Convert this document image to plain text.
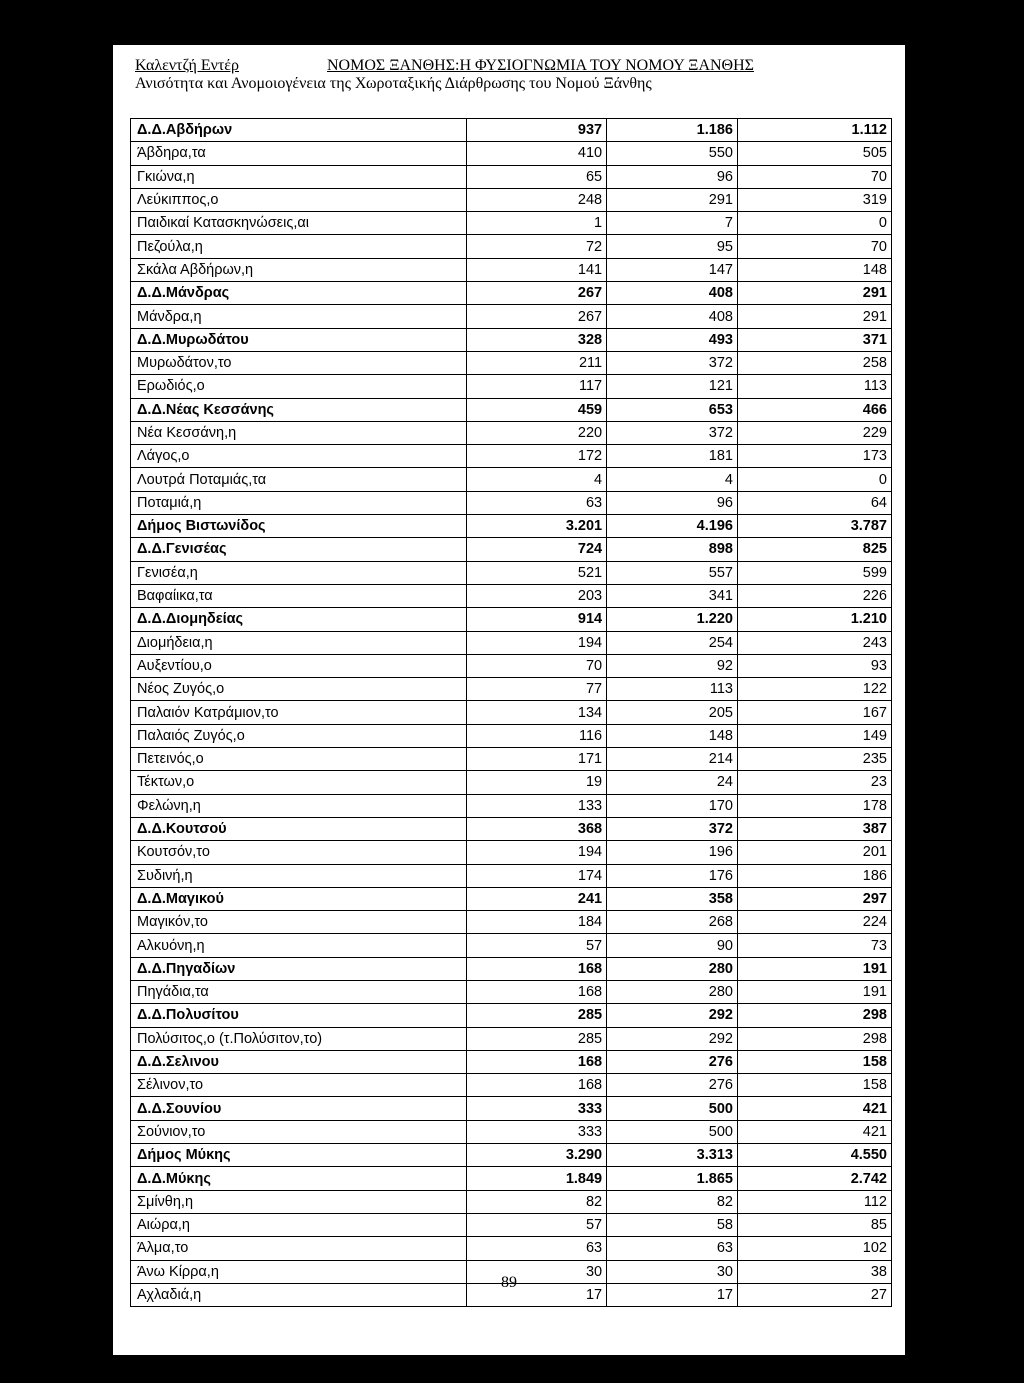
Καλεντζή Εντέρ	ΝΟΜΟΣ ΞΑΝΘΗΣ:Η ΦΥΣΙΟΓΝΩΜΙΑ ΤΟΥ ΝΟΜΟΥ ΞΑΝΘΗΣ
Ανισότητα και Ανομοιογένεια της Χωροταξικής Διάρθρωσης του Νομού Ξάνθης
Δ.Δ.Αβδήρων	937	1.186	1.112
Άβδηρα,τα	410	550	505
Γκιώνα,η	65	96	70
Λεύκιππος,ο	248	291	319
Παιδικαί Κατασκηνώσεις,αι	1	7	0
Πεζούλα,η	72	95	70
Σκάλα Αβδήρων,η	141	147	148
Δ.Δ.Μάνδρας	267	408	291
Μάνδρα,η	267	408	291
Δ.Δ.Μυρωδάτου	328	493	371
Μυρωδάτον,το	211	372	258
Ερωδιός,ο	117	121	113
Δ.Δ.Νέας Κεσσάνης	459	653	466
Νέα Κεσσάνη,η	220	372	229
Λάγος,ο	172	181	173
Λουτρά Ποταμιάς,τα	4	4	0
Ποταμιά,η	63	96	64
Δήμος Βιστωνίδος	3.201	4.196	3.787
Δ.Δ.Γενισέας	724	898	825
Γενισέα,η	521	557	599
Βαφαίικα,τα	203	341	226
Δ.Δ.Διομηδείας	914	1.220	1.210
Διομήδεια,η	194	254	243
Αυξεντίου,ο	70	92	93
Νέος Ζυγός,ο	77	113	122
Παλαιόν Κατράμιον,το	134	205	167
Παλαιός Ζυγός,ο	116	148	149
Πετεινός,ο	171	214	235
Τέκτων,ο	19	24	23
Φελώνη,η	133	170	178
Δ.Δ.Κουτσού	368	372	387
Κουτσόν,το	194	196	201
Συδινή,η	174	176	186
Δ.Δ.Μαγικού	241	358	297
Μαγικόν,το	184	268	224
Αλκυόνη,η	57	90	73
Δ.Δ.Πηγαδίων	168	280	191
Πηγάδια,τα	168	280	191
Δ.Δ.Πολυσίτου	285	292	298
Πολύσιτος,ο (τ.Πολύσιτον,το)	285	292	298
Δ.Δ.Σελινου	168	276	158
Σέλινον,το	168	276	158
Δ.Δ.Σουνίου	333	500	421
Σούνιον,το	333	500	421
Δήμος Μύκης	3.290	3.313	4.550
Δ.Δ.Μύκης	1.849	1.865	2.742
Σμίνθη,η	82	82	112
Αιώρα,η	57	58	85
Άλμα,το	63	63	102
Άνω Κίρρα,η	30	30	38
Αχλαδιά,η	17	17	27
89
